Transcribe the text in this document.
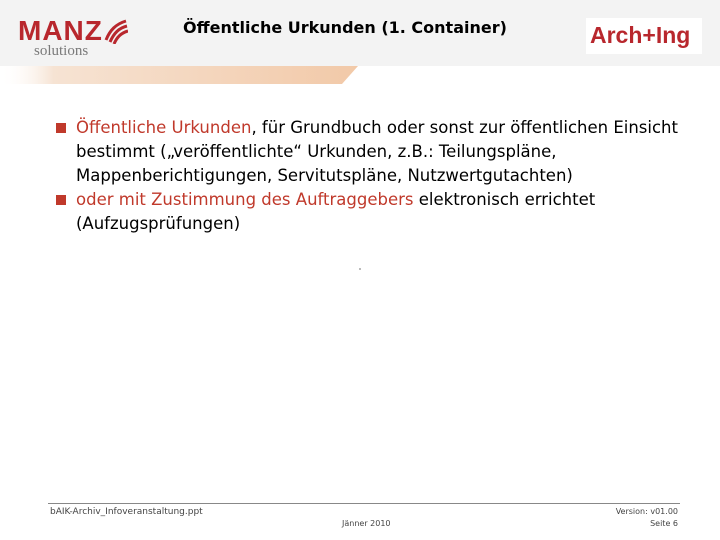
MANZ
solutions
Öffentliche Urkunden (1. Container)	Arch+Ing
Öffentliche Urkunden, für Grundbuch oder sonst zur öffentlichen Einsicht bestimmt („veröffentlichte“ Urkunden, z.B.: Teilungspläne, Mappenberichtigungen, Servitutspläne, Nutzwertgutachten)
oder mit Zustimmung des Auftraggebers elektronisch errichtet (Aufzugsprüfungen)
bAIK-Archiv_Infoveranstaltung.ppt
Jänner 2010
Version: v01.00
Seite 6
